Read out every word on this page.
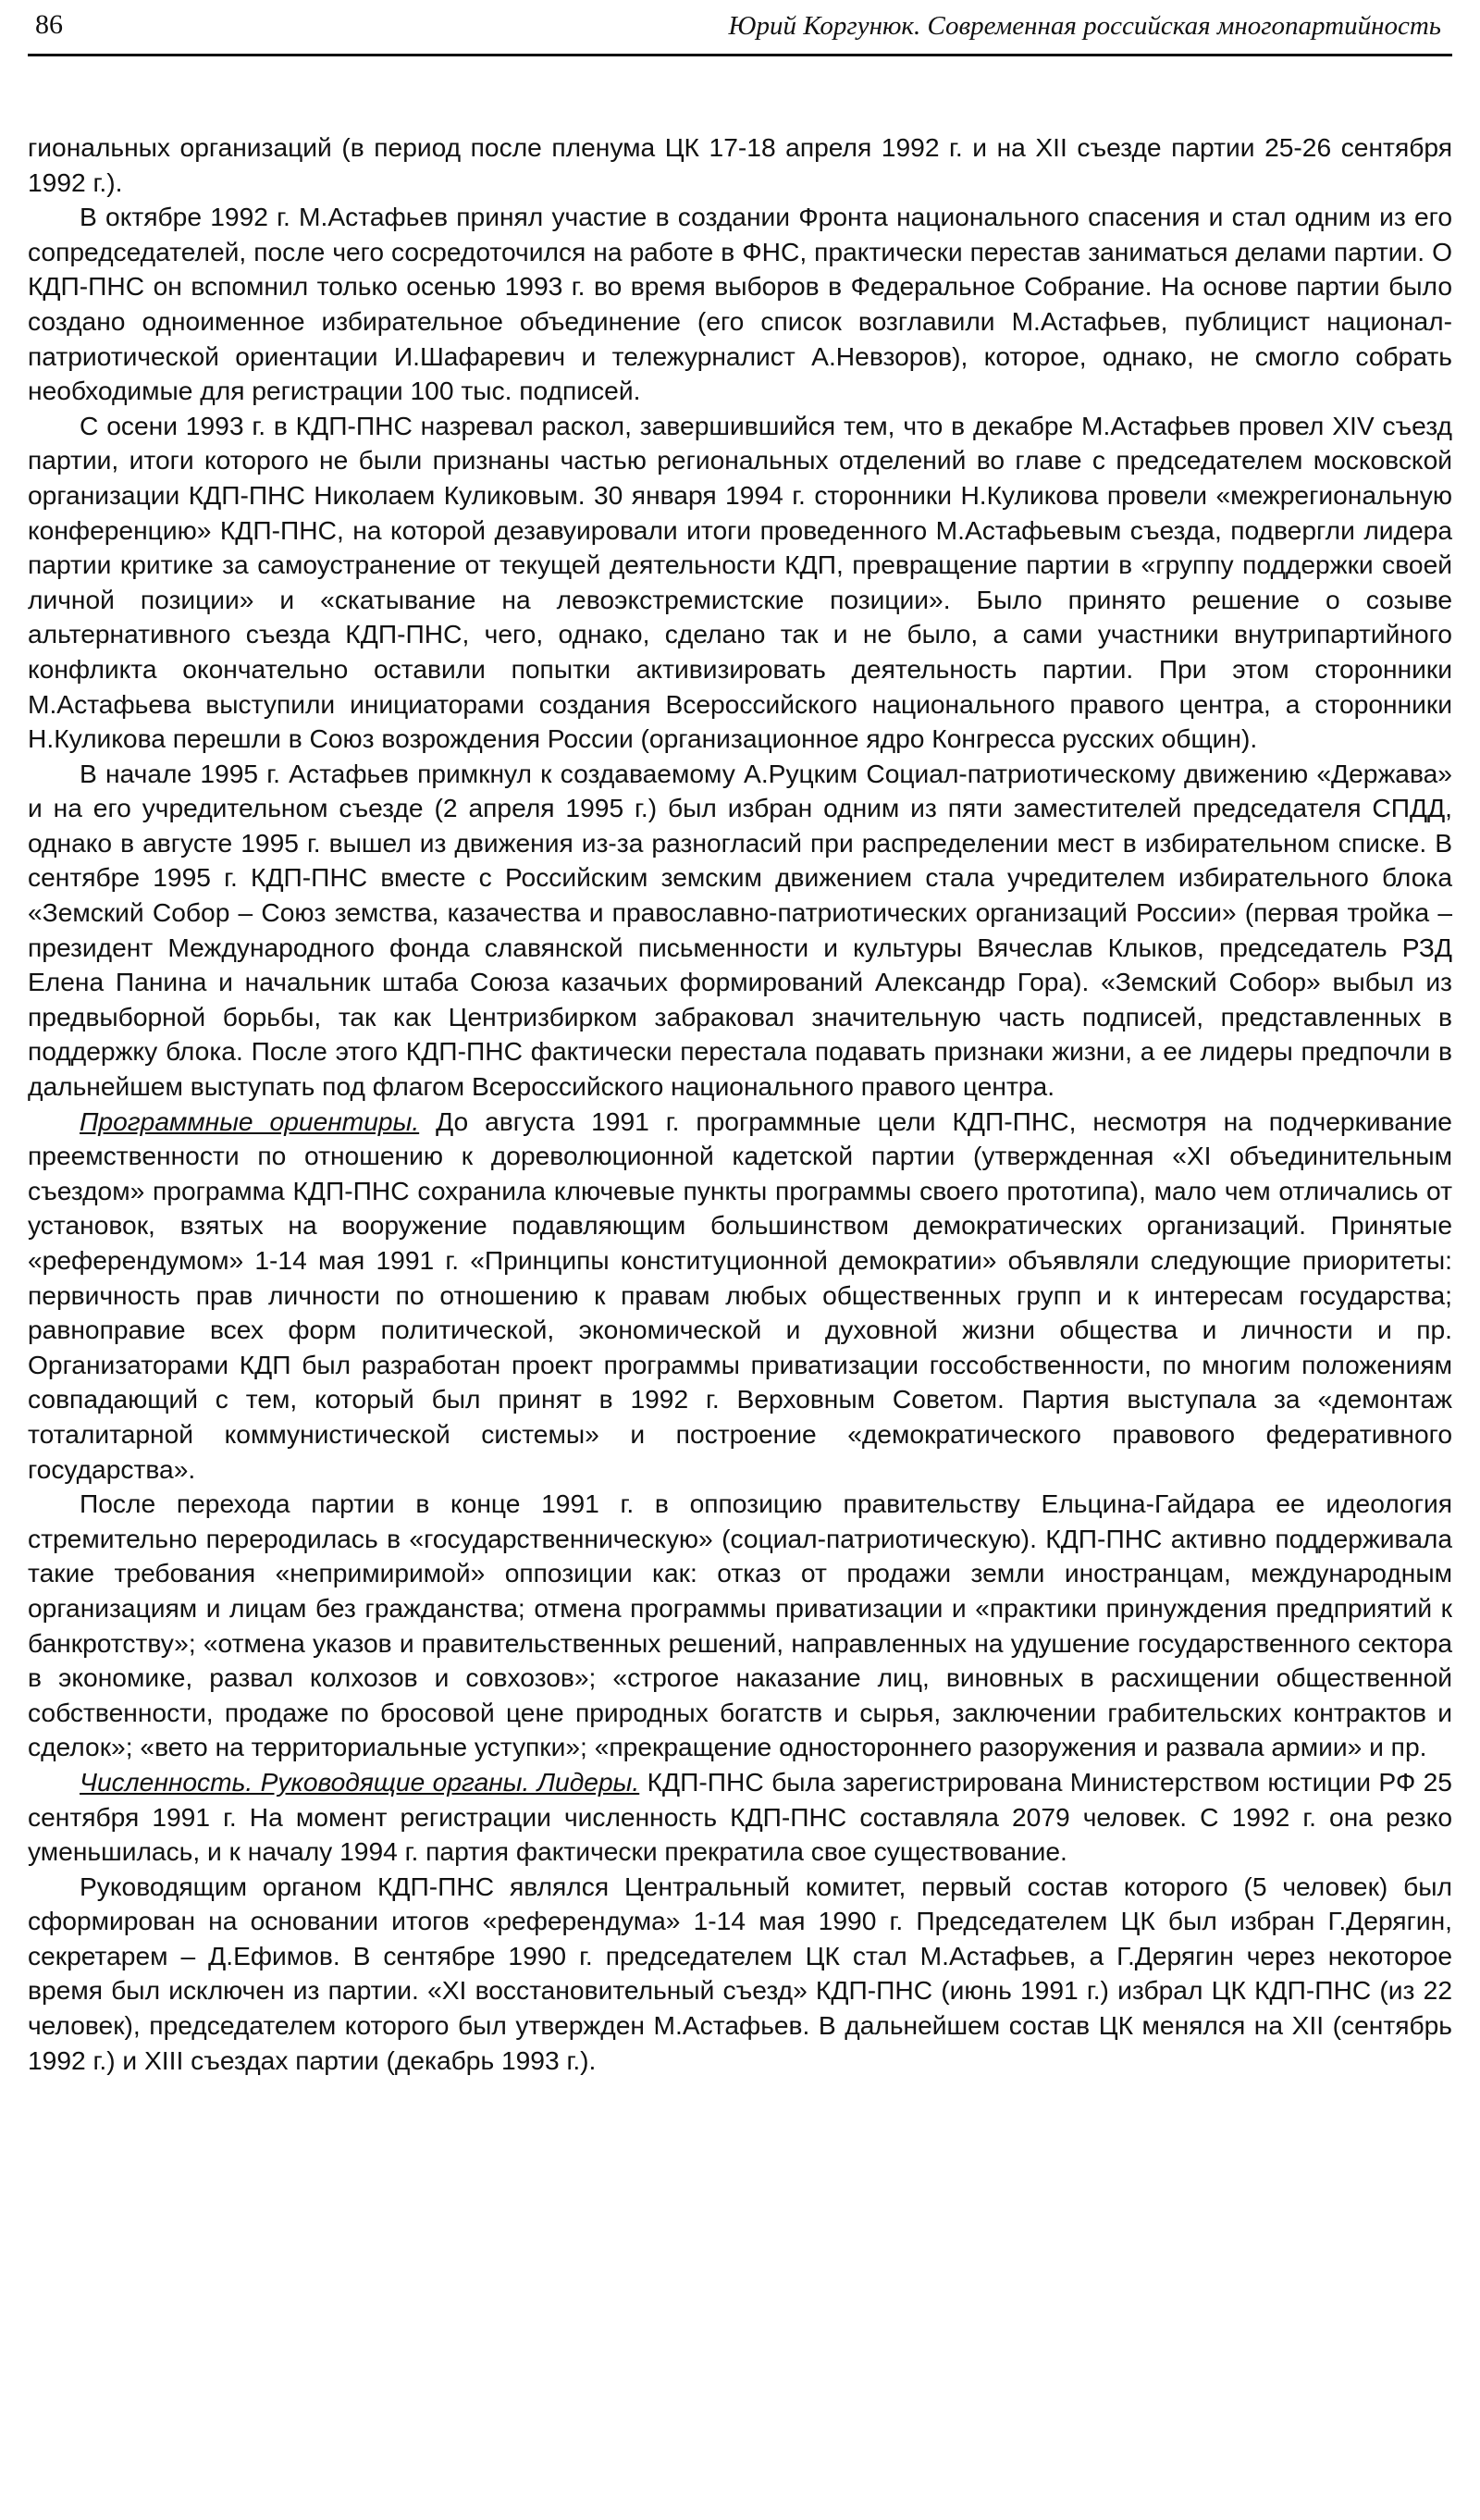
86	Юрий Коргунюк. Современная российская многопартийность

гиональных организаций (в период после пленума ЦК 17-18 апреля 1992 г. и на XII съезде партии 25-26 сентября 1992 г.).

В октябре 1992 г. М.Астафьев принял участие в создании Фронта национального спасения и стал одним из его сопредседателей, после чего сосредоточился на работе в ФНС, практически перестав заниматься делами партии. О КДП-ПНС он вспомнил только осенью 1993 г. во время выборов в Федеральное Собрание. На основе партии было создано одноименное избирательное объединение (его список возглавили М.Астафьев, публицист национал-патриотической ориентации И.Шафаревич и тележурналист А.Невзоров), которое, однако, не смогло собрать необходимые для регистрации 100 тыс. подписей.

С осени 1993 г. в КДП-ПНС назревал раскол, завершившийся тем, что в декабре М.Астафьев провел XIV съезд партии, итоги которого не были признаны частью региональных отделений во главе с председателем московской организации КДП-ПНС Николаем Куликовым. 30 января 1994 г. сторонники Н.Куликова провели «межрегиональную конференцию» КДП-ПНС, на которой дезавуировали итоги проведенного М.Астафьевым съезда, подвергли лидера партии критике за самоустранение от текущей деятельности КДП, превращение партии в «группу поддержки своей личной позиции» и «скатывание на левоэкстремистские позиции». Было принято решение о созыве альтернативного съезда КДП-ПНС, чего, однако, сделано так и не было, а сами участники внутрипартийного конфликта окончательно оставили попытки активизировать деятельность партии. При этом сторонники М.Астафьева выступили инициаторами создания Всероссийского национального правого центра, а сторонники Н.Куликова перешли в Союз возрождения России (организационное ядро Конгресса русских общин).

В начале 1995 г. Астафьев примкнул к создаваемому А.Руцким Социал-патриотическому движению «Держава» и на его учредительном съезде (2 апреля 1995 г.) был избран одним из пяти заместителей председателя СПДД, однако в августе 1995 г. вышел из движения из-за разногласий при распределении мест в избирательном списке. В сентябре 1995 г. КДП-ПНС вместе с Российским земским движением стала учредителем избирательного блока «Земский Собор – Союз земства, казачества и православно-патриотических организаций России» (первая тройка – президент Международного фонда славянской письменности и культуры Вячеслав Клыков, председатель РЗД Елена Панина и начальник штаба Союза казачьих формирований Александр Гора). «Земский Собор» выбыл из предвыборной борьбы, так как Центризбирком забраковал значительную часть подписей, представленных в поддержку блока. После этого КДП-ПНС фактически перестала подавать признаки жизни, а ее лидеры предпочли в дальнейшем выступать под флагом Всероссийского национального правого центра.

Программные ориентиры. До августа 1991 г. программные цели КДП-ПНС, несмотря на подчеркивание преемственности по отношению к дореволюционной кадетской партии (утвержденная «XI объединительным съездом» программа КДП-ПНС сохранила ключевые пункты программы своего прототипа), мало чем отличались от установок, взятых на вооружение подавляющим большинством демократических организаций. Принятые «референдумом» 1-14 мая 1991 г. «Принципы конституционной демократии» объявляли следующие приоритеты: первичность прав личности по отношению к правам любых общественных групп и к интересам государства; равноправие всех форм политической, экономической и духовной жизни общества и личности и пр. Организаторами КДП был разработан проект программы приватизации госсобственности, по многим положениям совпадающий с тем, который был принят в 1992 г. Верховным Советом. Партия выступала за «демонтаж тоталитарной коммунистической системы» и построение «демократического правового федеративного государства».

После перехода партии в конце 1991 г. в оппозицию правительству Ельцина-Гайдара ее идеология стремительно переродилась в «государственническую» (социал-патриотическую). КДП-ПНС активно поддерживала такие требования «непримиримой» оппозиции как: отказ от продажи земли иностранцам, международным организациям и лицам без гражданства; отмена программы приватизации и «практики принуждения предприятий к банкротству»; «отмена указов и правительственных решений, направленных на удушение государственного сектора в экономике, развал колхозов и совхозов»; «строгое наказание лиц, виновных в расхищении общественной собственности, продаже по бросовой цене природных богатств и сырья, заключении грабительских контрактов и сделок»; «вето на территориальные уступки»; «прекращение одностороннего разоружения и развала армии» и пр.

Численность. Руководящие органы. Лидеры. КДП-ПНС была зарегистрирована Министерством юстиции РФ 25 сентября 1991 г. На момент регистрации численность КДП-ПНС составляла 2079 человек. С 1992 г. она резко уменьшилась, и к началу 1994 г. партия фактически прекратила свое существование.

Руководящим органом КДП-ПНС являлся Центральный комитет, первый состав которого (5 человек) был сформирован на основании итогов «референдума» 1-14 мая 1990 г. Председателем ЦК был избран Г.Дерягин, секретарем – Д.Ефимов. В сентябре 1990 г. председателем ЦК стал М.Астафьев, а Г.Дерягин через некоторое время был исключен из партии. «XI восстановительный съезд» КДП-ПНС (июнь 1991 г.) избрал ЦК КДП-ПНС (из 22 человек), председателем которого был утвержден М.Астафьев. В дальнейшем состав ЦК менялся на XII (сентябрь 1992 г.) и XIII съездах партии (декабрь 1993 г.).
